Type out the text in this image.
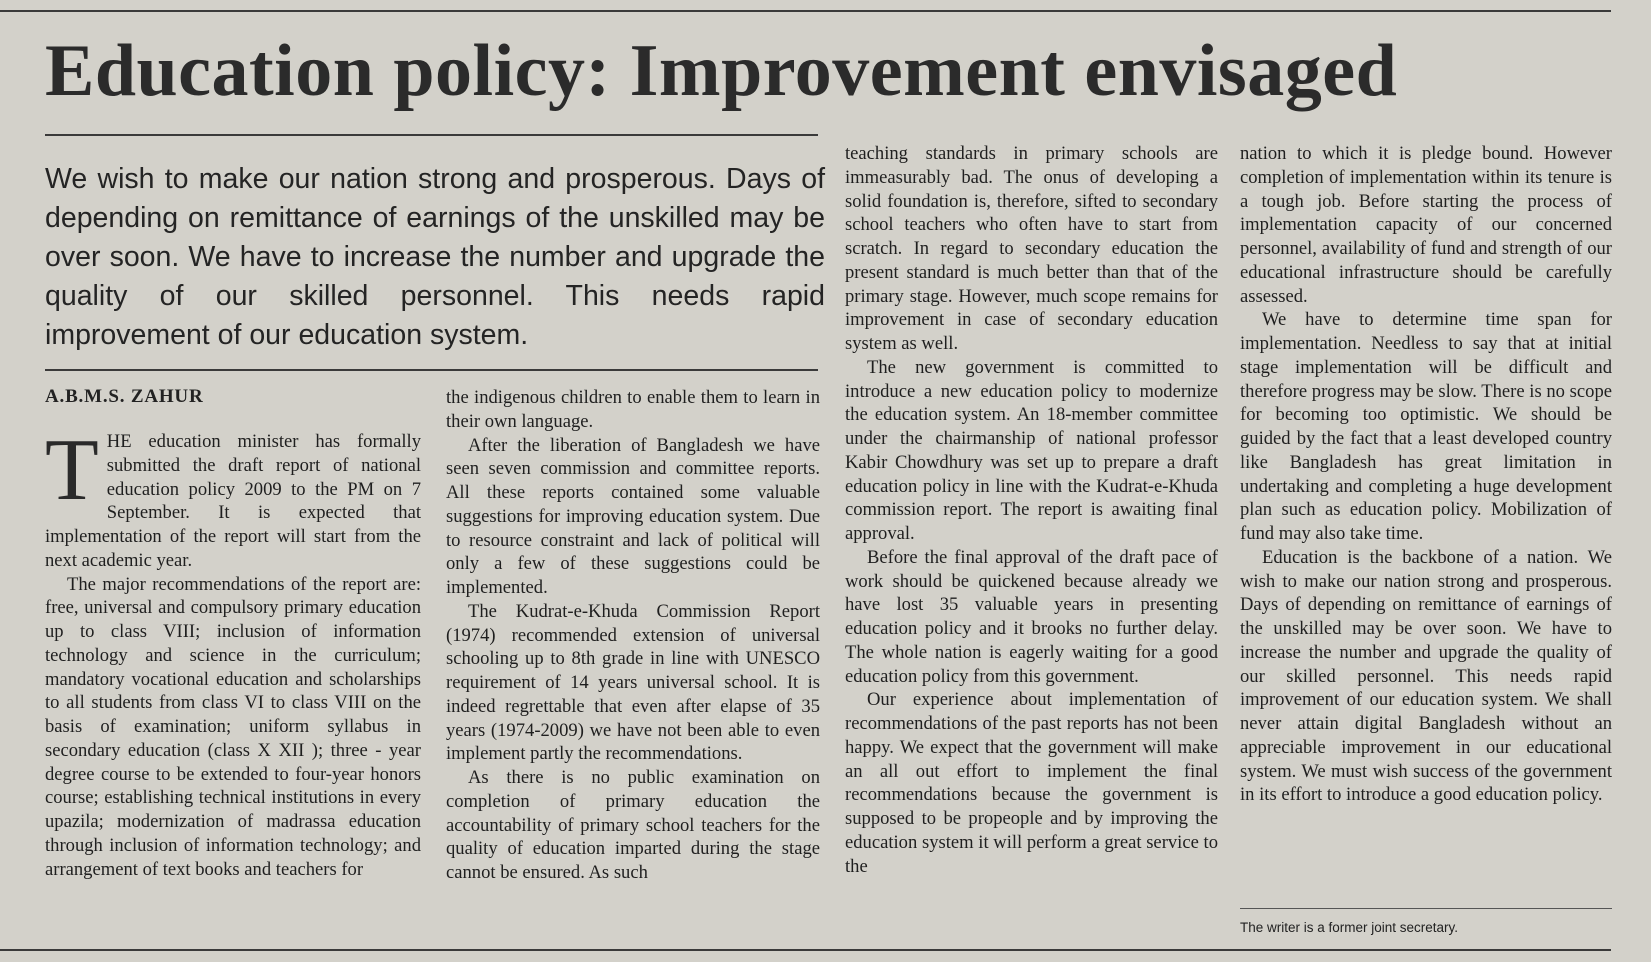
Education policy: Improvement envisaged

We wish to make our nation strong and prosperous. Days of depending on remittance of earnings of the unskilled may be over soon. We have to increase the number and upgrade the quality of our skilled personnel. This needs rapid improvement of our education system.

A.B.M.S. ZAHUR

T HE education minister has formally submitted the draft report of national education policy 2009 to the PM on 7 September. It is expected that implementation of the report will start from the next academic year.

The major recommendations of the report are: free, universal and compulsory primary education up to class VIII; inclusion of information technology and science in the curriculum; mandatory vocational education and scholarships to all students from class VI to class VIII on the basis of examination; uniform syllabus in secondary education (class X XII ); three - year degree course to be extended to four-year honors course; establishing technical institutions in every upazila; modernization of madrassa education through inclusion of information technology; and arrangement of text books and teachers for

the indigenous children to enable them to learn in their own language.

After the liberation of Bangladesh we have seen seven commission and committee reports. All these reports contained some valuable suggestions for improving education system. Due to resource constraint and lack of political will only a few of these suggestions could be implemented.

The Kudrat-e-Khuda Commission Report (1974) recommended extension of universal schooling up to 8th grade in line with UNESCO requirement of 14 years universal school. It is indeed regrettable that even after elapse of 35 years (1974-2009) we have not been able to even implement partly the recommendations.

As there is no public examination on completion of primary education the accountability of primary school teachers for the quality of education imparted during the stage cannot be ensured. As such

teaching standards in primary schools are immeasurably bad. The onus of developing a solid foundation is, therefore, sifted to secondary school teachers who often have to start from scratch. In regard to secondary education the present standard is much better than that of the primary stage. However, much scope remains for improvement in case of secondary education system as well.

The new government is committed to introduce a new education policy to modernize the education system. An 18-member committee under the chairmanship of national professor Kabir Chowdhury was set up to prepare a draft education policy in line with the Kudrat-e-Khuda commission report. The report is awaiting final approval.

Before the final approval of the draft pace of work should be quickened because already we have lost 35 valuable years in presenting education policy and it brooks no further delay. The whole nation is eagerly waiting for a good education policy from this government.

Our experience about implementation of recommendations of the past reports has not been happy. We expect that the government will make an all out effort to implement the final recommendations because the government is supposed to be propeople and by improving the education system it will perform a great service to the

nation to which it is pledge bound. However completion of implementation within its tenure is a tough job. Before starting the process of implementation capacity of our concerned personnel, availability of fund and strength of our educational infrastructure should be carefully assessed.

We have to determine time span for implementation. Needless to say that at initial stage implementation will be difficult and therefore progress may be slow. There is no scope for becoming too optimistic. We should be guided by the fact that a least developed country like Bangladesh has great limitation in undertaking and completing a huge development plan such as education policy. Mobilization of fund may also take time.

Education is the backbone of a nation. We wish to make our nation strong and prosperous. Days of depending on remittance of earnings of the unskilled may be over soon. We have to increase the number and upgrade the quality of our skilled personnel. This needs rapid improvement of our education system. We shall never attain digital Bangladesh without an appreciable improvement in our educational system. We must wish success of the government in its effort to introduce a good education policy.

The writer is a former joint secretary.
